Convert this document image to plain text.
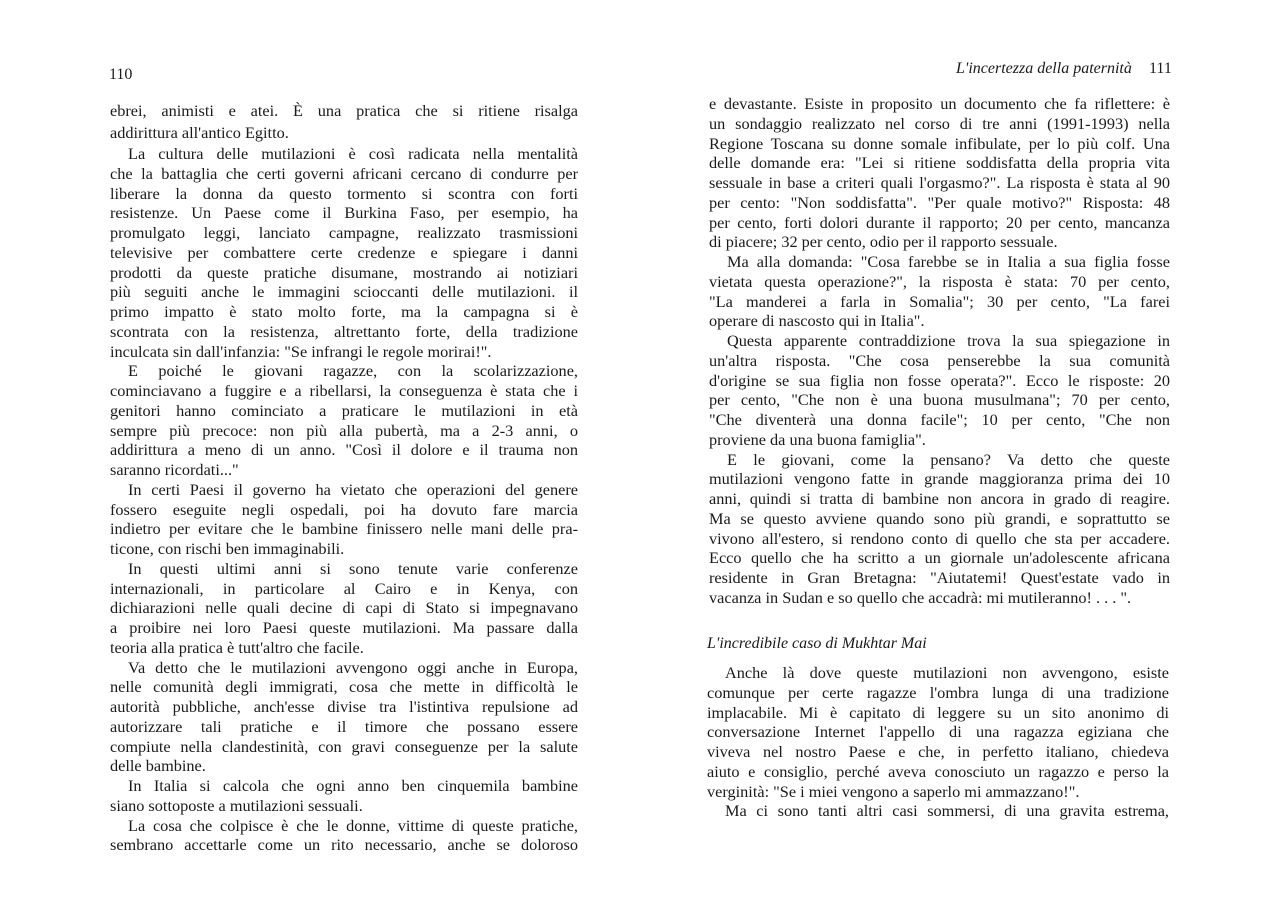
110
ebrei, animisti e atei. È una pratica che si ritiene risalga
addirittura all'antico Egitto.
La cultura delle mutilazioni è così radicata nella mentalità
che la battaglia che certi governi africani cercano di condurre per
liberare la donna da questo tormento si scontra con forti
resistenze. Un Paese come il Burkina Faso, per esempio, ha
promulgato leggi, lanciato campagne, realizzato trasmissioni
televisive per combattere certe credenze e spiegare i danni
prodotti da queste pratiche disumane, mostrando ai notiziari
più seguiti anche le immagini scioccanti delle mutilazioni. il
primo impatto è stato molto forte, ma la campagna si è
scontrata con la resistenza, altrettanto forte, della tradizione
inculcata sin dall'infanzia: "Se infrangi le regole morirai!".
E poiché le giovani ragazze, con la scolarizzazione,
cominciavano a fuggire e a ribellarsi, la conseguenza è stata che i
genitori hanno cominciato a praticare le mutilazioni in età
sempre più precoce: non più alla pubertà, ma a 2-3 anni, o
addirittura a meno di un anno. "Così il dolore e il trauma non
saranno ricordati..."
In certi Paesi il governo ha vietato che operazioni del genere
fossero eseguite negli ospedali, poi ha dovuto fare marcia
indietro per evitare che le bambine finissero nelle mani delle pra-
ticone, con rischi ben immaginabili.
In questi ultimi anni si sono tenute varie conferenze
internazionali, in particolare al Cairo e in Kenya, con
dichiarazioni nelle quali decine di capi di Stato si impegnavano
a proibire nei loro Paesi queste mutilazioni. Ma passare dalla
teoria alla pratica è tutt'altro che facile.
Va detto che le mutilazioni avvengono oggi anche in Europa,
nelle comunità degli immigrati, cosa che mette in difficoltà le
autorità pubbliche, anch'esse divise tra l'istintiva repulsione ad
autorizzare tali pratiche e il timore che possano essere
compiute nella clandestinità, con gravi conseguenze per la salute
delle bambine.
In Italia si calcola che ogni anno ben cinquemila bambine
siano sottoposte a mutilazioni sessuali.
La cosa che colpisce è che le donne, vittime di queste pratiche,
sembrano accettarle come un rito necessario, anche se doloroso
L'incertezza della paternità 111
e devastante. Esiste in proposito un documento che fa riflettere: è
un sondaggio realizzato nel corso di tre anni (1991-1993) nella
Regione Toscana su donne somale infibulate, per lo più colf. Una
delle domande era: "Lei si ritiene soddisfatta della propria vita
sessuale in base a criteri quali l'orgasmo?". La risposta è stata al 90
per cento: "Non soddisfatta". "Per quale motivo?" Risposta: 48
per cento, forti dolori durante il rapporto; 20 per cento, mancanza
di piacere; 32 per cento, odio per il rapporto sessuale.
Ma alla domanda: "Cosa farebbe se in Italia a sua figlia fosse
vietata questa operazione?", la risposta è stata: 70 per cento,
"La manderei a farla in Somalia"; 30 per cento, "La farei
operare di nascosto qui in Italia".
Questa apparente contraddizione trova la sua spiegazione in
un'altra risposta. "Che cosa penserebbe la sua comunità
d'origine se sua figlia non fosse operata?". Ecco le risposte: 20
per cento, "Che non è una buona musulmana"; 70 per cento,
"Che diventerà una donna facile"; 10 per cento, "Che non
proviene da una buona famiglia".
E le giovani, come la pensano? Va detto che queste
mutilazioni vengono fatte in grande maggioranza prima dei 10
anni, quindi si tratta di bambine non ancora in grado di reagire.
Ma se questo avviene quando sono più grandi, e soprattutto se
vivono all'estero, si rendono conto di quello che sta per accadere.
Ecco quello che ha scritto a un giornale un'adolescente africana
residente in Gran Bretagna: "Aiutatemi! Quest'estate vado in
vacanza in Sudan e so quello che accadrà: mi mutileranno! . . . ".
L'incredibile caso di Mukhtar Mai
Anche là dove queste mutilazioni non avvengono, esiste
comunque per certe ragazze l'ombra lunga di una tradizione
implacabile. Mi è capitato di leggere su un sito anonimo di
conversazione Internet l'appello di una ragazza egiziana che
viveva nel nostro Paese e che, in perfetto italiano, chiedeva
aiuto e consiglio, perché aveva conosciuto un ragazzo e perso la
verginità: "Se i miei vengono a saperlo mi ammazzano!".
Ma ci sono tanti altri casi sommersi, di una gravita estrema,
